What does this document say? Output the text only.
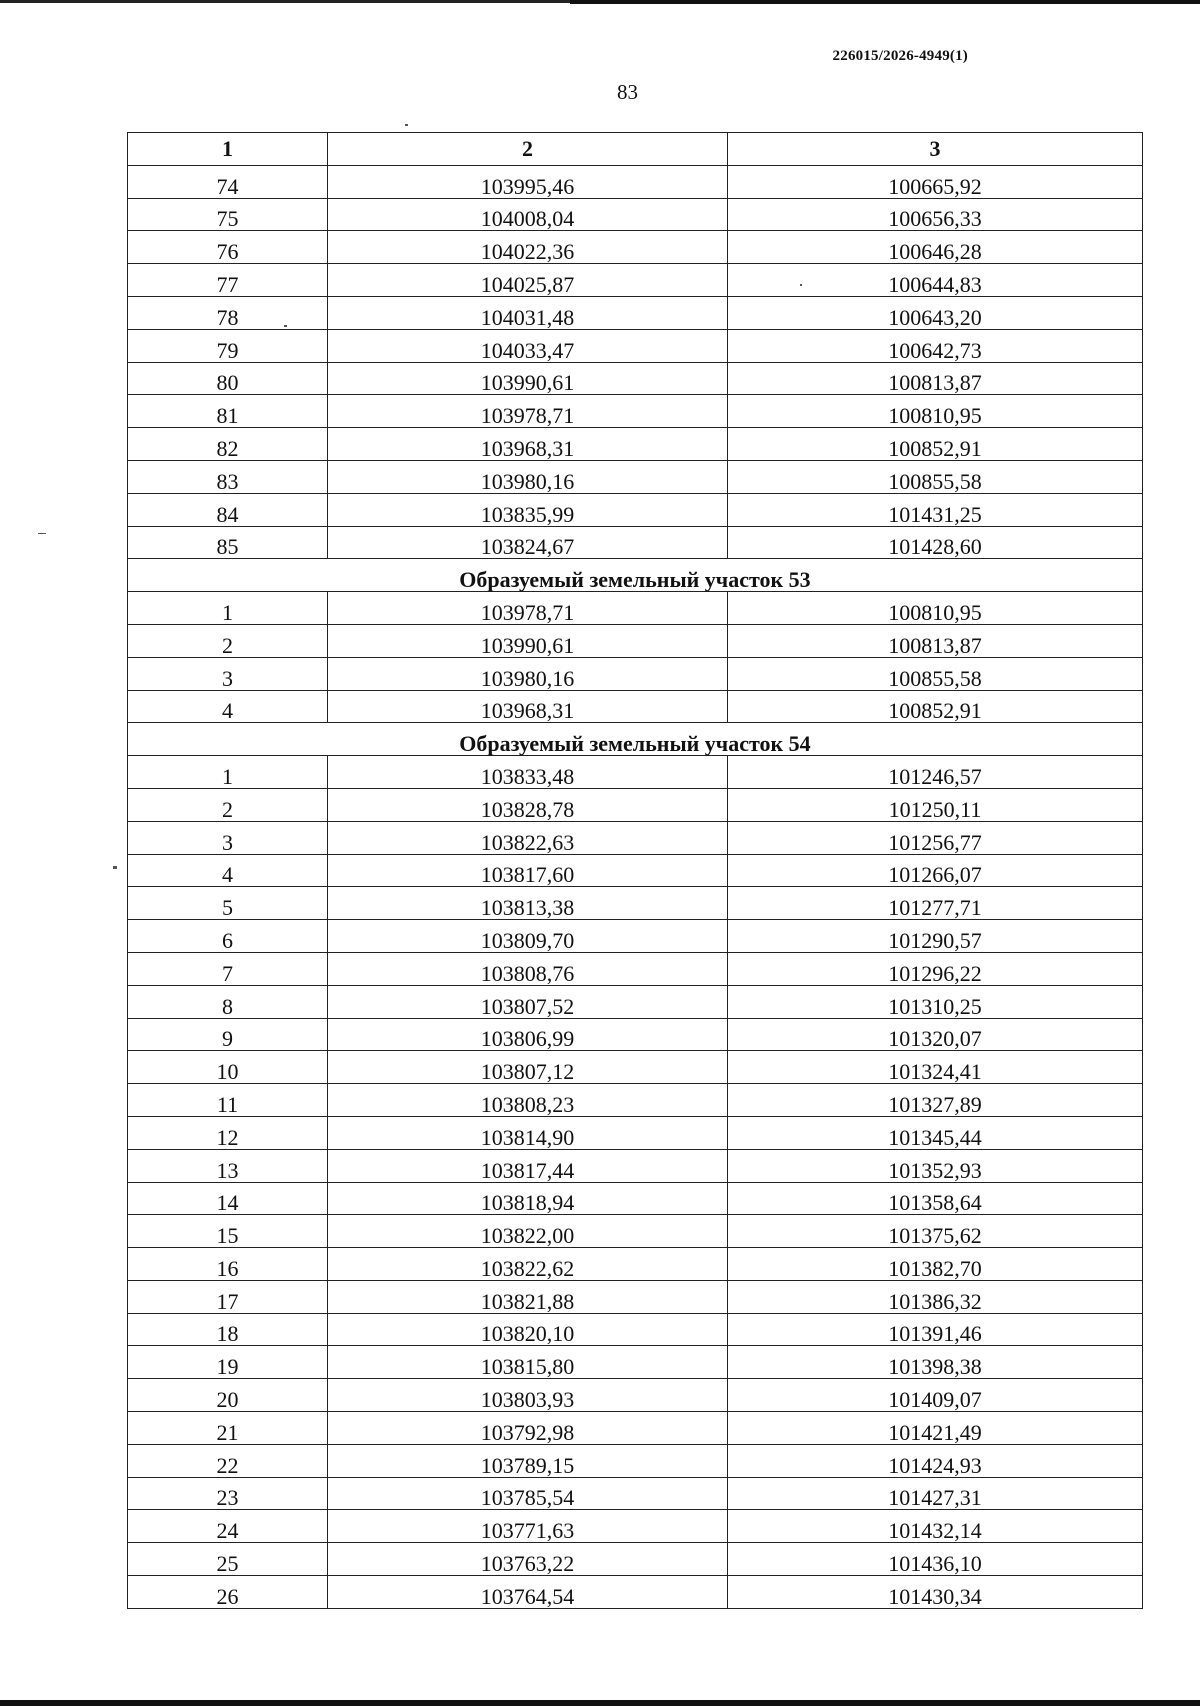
226015/2026-4949(1)
83
1	2	3
74	103995,46	100665,92
75	104008,04	100656,33
76	104022,36	100646,28
77	104025,87	100644,83
78	104031,48	100643,20
79	104033,47	100642,73
80	103990,61	100813,87
81	103978,71	100810,95
82	103968,31	100852,91
83	103980,16	100855,58
84	103835,99	101431,25
85	103824,67	101428,60
Образуемый земельный участок 53		
1	103978,71	100810,95
2	103990,61	100813,87
3	103980,16	100855,58
4	103968,31	100852,91
Образуемый земельный участок 54		
1	103833,48	101246,57
2	103828,78	101250,11
3	103822,63	101256,77
4	103817,60	101266,07
5	103813,38	101277,71
6	103809,70	101290,57
7	103808,76	101296,22
8	103807,52	101310,25
9	103806,99	101320,07
10	103807,12	101324,41
11	103808,23	101327,89
12	103814,90	101345,44
13	103817,44	101352,93
14	103818,94	101358,64
15	103822,00	101375,62
16	103822,62	101382,70
17	103821,88	101386,32
18	103820,10	101391,46
19	103815,80	101398,38
20	103803,93	101409,07
21	103792,98	101421,49
22	103789,15	101424,93
23	103785,54	101427,31
24	103771,63	101432,14
25	103763,22	101436,10
26	103764,54	101430,34
